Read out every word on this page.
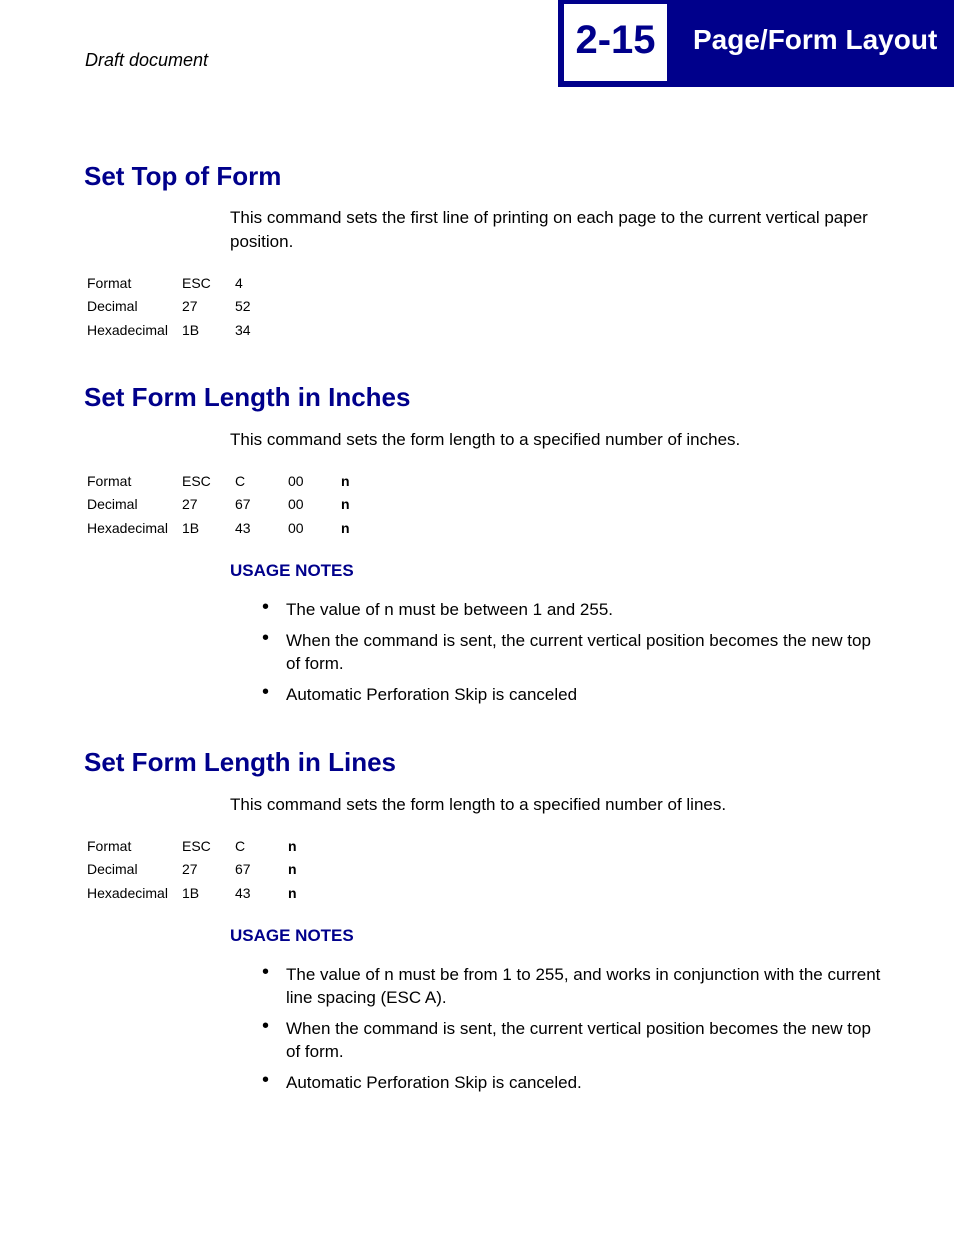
Draft document	2-15	Page/Form Layout
Set Top of Form
This command sets the first line of printing on each page to the current vertical paper position.
Format	ESC	4
Decimal	27	52
Hexadecimal	1B	34
Set Form Length in Inches
This command sets the form length to a specified number of inches.
Format	ESC	C	00	n
Decimal	27	67	00	n
Hexadecimal	1B	43	00	n
USAGE NOTES
• The value of n must be between 1 and 255.
• When the command is sent, the current vertical position becomes the new top of form.
• Automatic Perforation Skip is canceled
Set Form Length in Lines
This command sets the form length to a specified number of lines.
Format	ESC	C	n
Decimal	27	67	n
Hexadecimal	1B	43	n
USAGE NOTES
• The value of n must be from 1 to 255, and works in conjunction with the current line spacing (ESC A).
• When the command is sent, the current vertical position becomes the new top of form.
• Automatic Perforation Skip is canceled.
